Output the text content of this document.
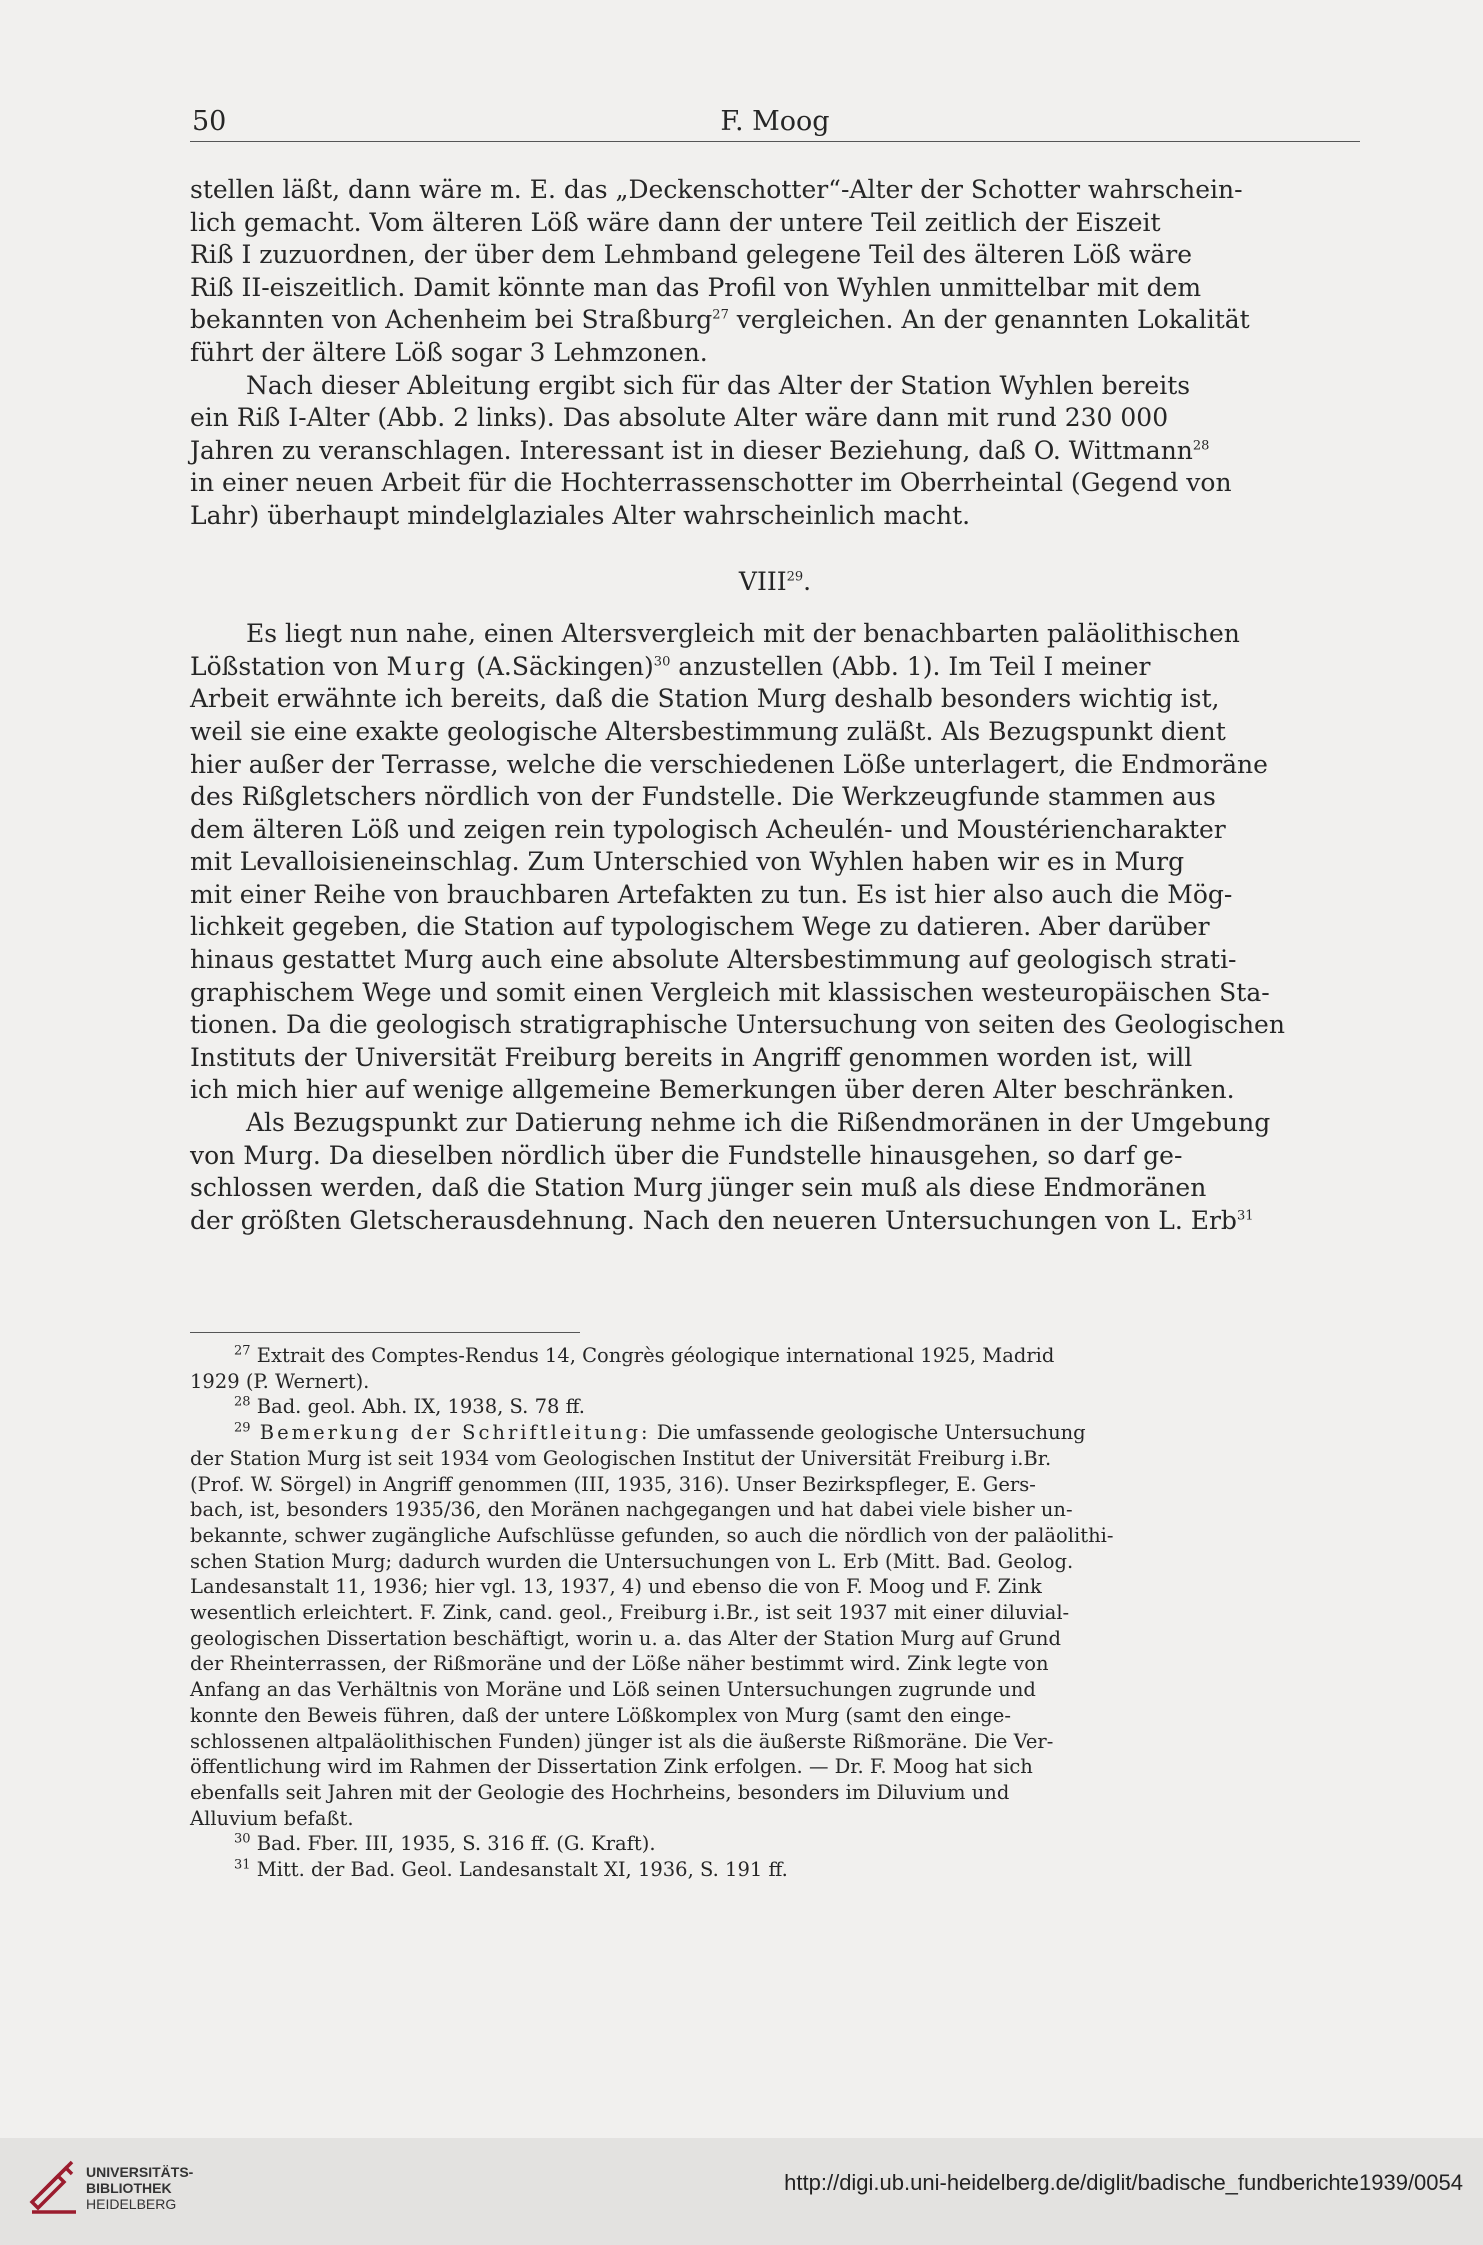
50	F. Moog
stellen läßt, dann wäre m. E. das „Deckenschotter“-Alter der Schotter wahrschein-
lich gemacht. Vom älteren Löß wäre dann der untere Teil zeitlich der Eiszeit
Riß I zuzuordnen, der über dem Lehmband gelegene Teil des älteren Löß wäre
Riß II-eiszeitlich. Damit könnte man das Profil von Wyhlen unmittelbar mit dem
bekannten von Achenheim bei Straßburg$^{27}$ vergleichen. An der genannten Lokalität
führt der ältere Löß sogar 3 Lehmzonen.
Nach dieser Ableitung ergibt sich für das Alter der Station Wyhlen bereits
ein Riß I-Alter (Abb. 2 links). Das absolute Alter wäre dann mit rund 230 000
Jahren zu veranschlagen. Interessant ist in dieser Beziehung, daß O. Wittmann$^{28}$
in einer neuen Arbeit für die Hochterrassenschotter im Oberrheintal (Gegend von
Lahr) überhaupt mindelglaziales Alter wahrscheinlich macht.
VIII$^{29}$.
Es liegt nun nahe, einen Altersvergleich mit der benachbarten paläolithischen
Lößstation von Murg (A.Säckingen)$^{30}$ anzustellen (Abb. 1). Im Teil I meiner
Arbeit erwähnte ich bereits, daß die Station Murg deshalb besonders wichtig ist,
weil sie eine exakte geologische Altersbestimmung zuläßt. Als Bezugspunkt dient
hier außer der Terrasse, welche die verschiedenen Löße unterlagert, die Endmoräne
des Rißgletschers nördlich von der Fundstelle. Die Werkzeugfunde stammen aus
dem älteren Löß und zeigen rein typologisch Acheulén- und Moustériencharakter
mit Levalloisieneinschlag. Zum Unterschied von Wyhlen haben wir es in Murg
mit einer Reihe von brauchbaren Artefakten zu tun. Es ist hier also auch die Mög-
lichkeit gegeben, die Station auf typologischem Wege zu datieren. Aber darüber
hinaus gestattet Murg auch eine absolute Altersbestimmung auf geologisch strati-
graphischem Wege und somit einen Vergleich mit klassischen westeuropäischen Sta-
tionen. Da die geologisch stratigraphische Untersuchung von seiten des Geologischen
Instituts der Universität Freiburg bereits in Angriff genommen worden ist, will
ich mich hier auf wenige allgemeine Bemerkungen über deren Alter beschränken.
Als Bezugspunkt zur Datierung nehme ich die Rißendmoränen in der Umgebung
von Murg. Da dieselben nördlich über die Fundstelle hinausgehen, so darf ge-
schlossen werden, daß die Station Murg jünger sein muß als diese Endmoränen
der größten Gletscherausdehnung. Nach den neueren Untersuchungen von L. Erb$^{31}$
$^{27}$ Extrait des Comptes-Rendus 14, Congrès géologique international 1925, Madrid
1929 (P. Wernert).
$^{28}$ Bad. geol. Abh. IX, 1938, S. 78 ff.
$^{29}$ Bemerkung der Schriftleitung: Die umfassende geologische Untersuchung
der Station Murg ist seit 1934 vom Geologischen Institut der Universität Freiburg i.Br.
(Prof. W. Sörgel) in Angriff genommen (III, 1935, 316). Unser Bezirkspfleger, E. Gers-
bach, ist, besonders 1935/36, den Moränen nachgegangen und hat dabei viele bisher un-
bekannte, schwer zugängliche Aufschlüsse gefunden, so auch die nördlich von der paläolithi-
schen Station Murg; dadurch wurden die Untersuchungen von L. Erb (Mitt. Bad. Geolog.
Landesanstalt 11, 1936; hier vgl. 13, 1937, 4) und ebenso die von F. Moog und F. Zink
wesentlich erleichtert. F. Zink, cand. geol., Freiburg i.Br., ist seit 1937 mit einer diluvial-
geologischen Dissertation beschäftigt, worin u. a. das Alter der Station Murg auf Grund
der Rheinterrassen, der Rißmoräne und der Löße näher bestimmt wird. Zink legte von
Anfang an das Verhältnis von Moräne und Löß seinen Untersuchungen zugrunde und
konnte den Beweis führen, daß der untere Lößkomplex von Murg (samt den einge-
schlossenen altpaläolithischen Funden) jünger ist als die äußerste Rißmoräne. Die Ver-
öffentlichung wird im Rahmen der Dissertation Zink erfolgen. — Dr. F. Moog hat sich
ebenfalls seit Jahren mit der Geologie des Hochrheins, besonders im Diluvium und
Alluvium befaßt.
$^{30}$ Bad. Fber. III, 1935, S. 316 ff. (G. Kraft).
$^{31}$ Mitt. der Bad. Geol. Landesanstalt XI, 1936, S. 191 ff.
UNIVERSITÄTS-
BIBLIOTHEK
HEIDELBERG
http://digi.ub.uni-heidelberg.de/diglit/badische_fundberichte1939/0054
